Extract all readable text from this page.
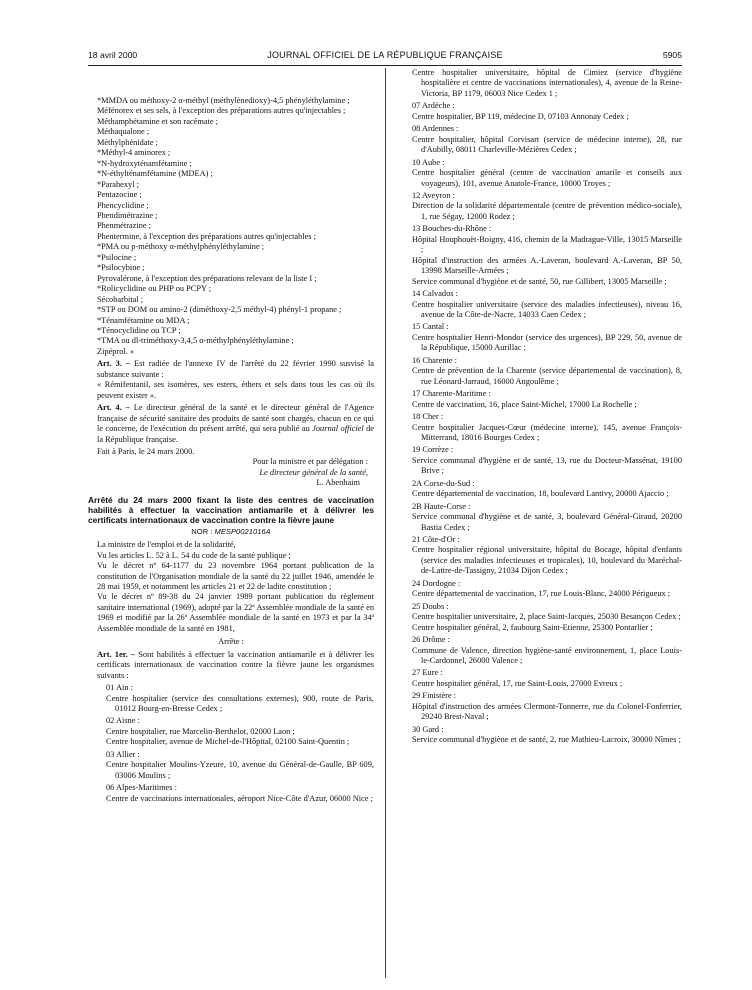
18 avril 2000	JOURNAL OFFICIEL DE LA RÉPUBLIQUE FRANÇAISE	5905

*MMDA ou méthoxy-2 α-méthyl (méthylènedioxy)-4,5 phényléthylamine ;

Méfénorex et ses sels, à l'exception des préparations autres qu'injectables ;

Méthamphétamine et son racémate ;

Méthaqualone ;

Méthylphénidate ;

*Méthyl-4 aminorex ;

*N-hydroxyténamfétamine ;

*N-éthylténamfétamine (MDEA) ;

*Parahexyl ;

Pentazocine ;

Phencyclidine ;

Phendimétrazine ;

Phenmétrazine ;

Phentermine, à l'exception des préparations autres qu'injectables ;

*PMA ou p-méthoxy α-méthylphényléthylamine ;

*Psilocine ;

*Psilocybine ;

Pyrovalérone, à l'exception des préparations relevant de la liste I ;

*Rolicyclidine ou PHP ou PCPY ;

Sécobarbital ;

*STP ou DOM ou amino-2 (diméthoxy-2,5 méthyl-4) phényl-1 propane ;

*Ténamfétamine ou MDA ;

*Ténocyclidine ou TCP ;

*TMA ou dl-triméthoxy-3,4,5 α-méthylphényléthylamine ;

Zipéprol. »

Art. 3. – Est radiée de l'annexe IV de l'arrêté du 22 février 1990 susvisé la substance suivante :

« Rémifentanil, ses isomères, ses esters, éthers et sels dans tous les cas où ils peuvent exister ».

Art. 4. – Le directeur général de la santé et le directeur général de l'Agence française de sécurité sanitaire des produits de santé sont chargés, chacun en ce qui le concerne, de l'exécution du présent arrêté, qui sera publié au Journal officiel de la République française.

Fait à Paris, le 24 mars 2000.

Pour la ministre et par délégation :

Le directeur général de la santé,

L. Abenhaim

Arrêté du 24 mars 2000 fixant la liste des centres de vaccination habilités à effectuer la vaccination antiamarile et à délivrer les certificats internationaux de vaccination contre la fièvre jaune

NOR : MESP0021016A

La ministre de l'emploi et de la solidarité,

Vu les articles L. 52 à L. 54 du code de la santé publique ;

Vu le décret nº 64-1177 du 23 novembre 1964 portant publication de la constitution de l'Organisation mondiale de la santé du 22 juillet 1946, amendée le 28 mai 1959, et notamment les articles 21 et 22 de ladite constitution ;

Vu le décret nº 89-38 du 24 janvier 1989 portant publication du règlement sanitaire international (1969), adopté par la 22ª Assemblée mondiale de la santé en 1969 et modifié par la 26ª Assemblée mondiale de la santé en 1973 et par la 34ª Assemblée mondiale de la santé en 1981,

Arrête :

Art. 1er. – Sont habilités à effectuer la vaccination antiamarile et à délivrer les certificats internationaux de vaccination contre la fièvre jaune les organismes suivants :

01 Ain :

Centre hospitalier (service des consultations externes), 900, route de Paris, 01012 Bourg-en-Bresse Cedex ;

02 Aisne :

Centre hospitalier, rue Marcelin-Berthelot, 02000 Laon ;

Centre hospitalier, avenue de Michel-de-l'Hôpital, 02100 Saint-Quentin ;

03 Allier :

Centre hospitalier Moulins-Yzeure, 10, avenue du Général-de-Gaulle, BP 609, 03006 Moulins ;

06 Alpes-Maritimes :

Centre de vaccinations internationales, aéroport Nice-Côte d'Azur, 06000 Nice ;

Centre hospitalier universitaire, hôpital de Cimiez (service d'hygiène hospitalière et centre de vaccinations internationales), 4, avenue de la Reine-Victoria, BP 1179, 06003 Nice Cedex 1 ;

07 Ardèche :

Centre hospitalier, BP 119, médecine D, 07103 Annonay Cedex ;

08 Ardennes :

Centre hospitalier, hôpital Corvisart (service de médecine interne), 28, rue d'Aubilly, 08011 Charleville-Mézières Cedex ;

10 Aube :

Centre hospitalier général (centre de vaccination amarile et conseils aux voyageurs), 101, avenue Anatole-France, 10000 Troyes ;

12 Aveyron :

Direction de la solidarité départementale (centre de prévention médico-sociale), 1, rue Ségay, 12000 Rodez ;

13 Bouches-du-Rhône :

Hôpital Houphouët-Boigny, 416, chemin de la Madrague-Ville, 13015 Marseille ;

Hôpital d'instruction des armées A.-Laveran, boulevard A.-Laveran, BP 50, 13998 Marseille-Armées ;

Service communal d'hygiène et de santé, 50, rue Gillibert, 13005 Marseille ;

14 Calvados :

Centre hospitalier universitaire (service des maladies infectieuses), niveau 16, avenue de la Côte-de-Nacre, 14033 Caen Cedex ;

15 Cantal :

Centre hospitalier Henri-Mondor (service des urgences), BP 229, 50, avenue de la République, 15000 Aurillac ;

16 Charente :

Centre de prévention de la Charente (service départemental de vaccination), 8, rue Léonard-Jarraud, 16000 Angoulême ;

17 Charente-Maritime :

Centre de vaccination, 16, place Saint-Michel, 17000 La Rochelle ;

18 Cher :

Centre hospitalier Jacques-Cœur (médecine interne), 145, avenue François-Mitterrand, 18016 Bourges Cedex ;

19 Corrèze :

Service communal d'hygiène et de santé, 13, rue du Docteur-Massénat, 19100 Brive ;

2A Corse-du-Sud :

Centre départemental de vaccination, 18, boulevard Lantivy, 20000 Ajaccio ;

2B Haute-Corse :

Service communal d'hygiène et de santé, 3, boulevard Général-Giraud, 20200 Bastia Cedex ;

21 Côte-d'Or :

Centre hospitalier régional universitaire, hôpital du Bocage, hôpital d'enfants (service des maladies infectieuses et tropicales), 10, boulevard du Maréchal-de-Lattre-de-Tassigny, 21034 Dijon Cedex ;

24 Dordogne :

Centre départemental de vaccination, 17, rue Louis-Blanc, 24000 Périgueux ;

25 Doubs :

Centre hospitalier universitaire, 2, place Saint-Jacques, 25030 Besançon Cedex ;

Centre hospitalier général, 2, faubourg Saint-Etienne, 25300 Pontarlier ;

26 Drôme :

Commune de Valence, direction hygiène-santé environnement, 1, place Louis-le-Cardonnel, 26000 Valence ;

27 Eure :

Centre hospitalier général, 17, rue Saint-Louis, 27000 Evreux ;

29 Finistère :

Hôpital d'instruction des armées Clermont-Tonnerre, rue du Colonel-Fonferrier, 29240 Brest-Naval ;

30 Gard :

Service communal d'hygiène et de santé, 2, rue Mathieu-Lacroix, 30000 Nîmes ;
